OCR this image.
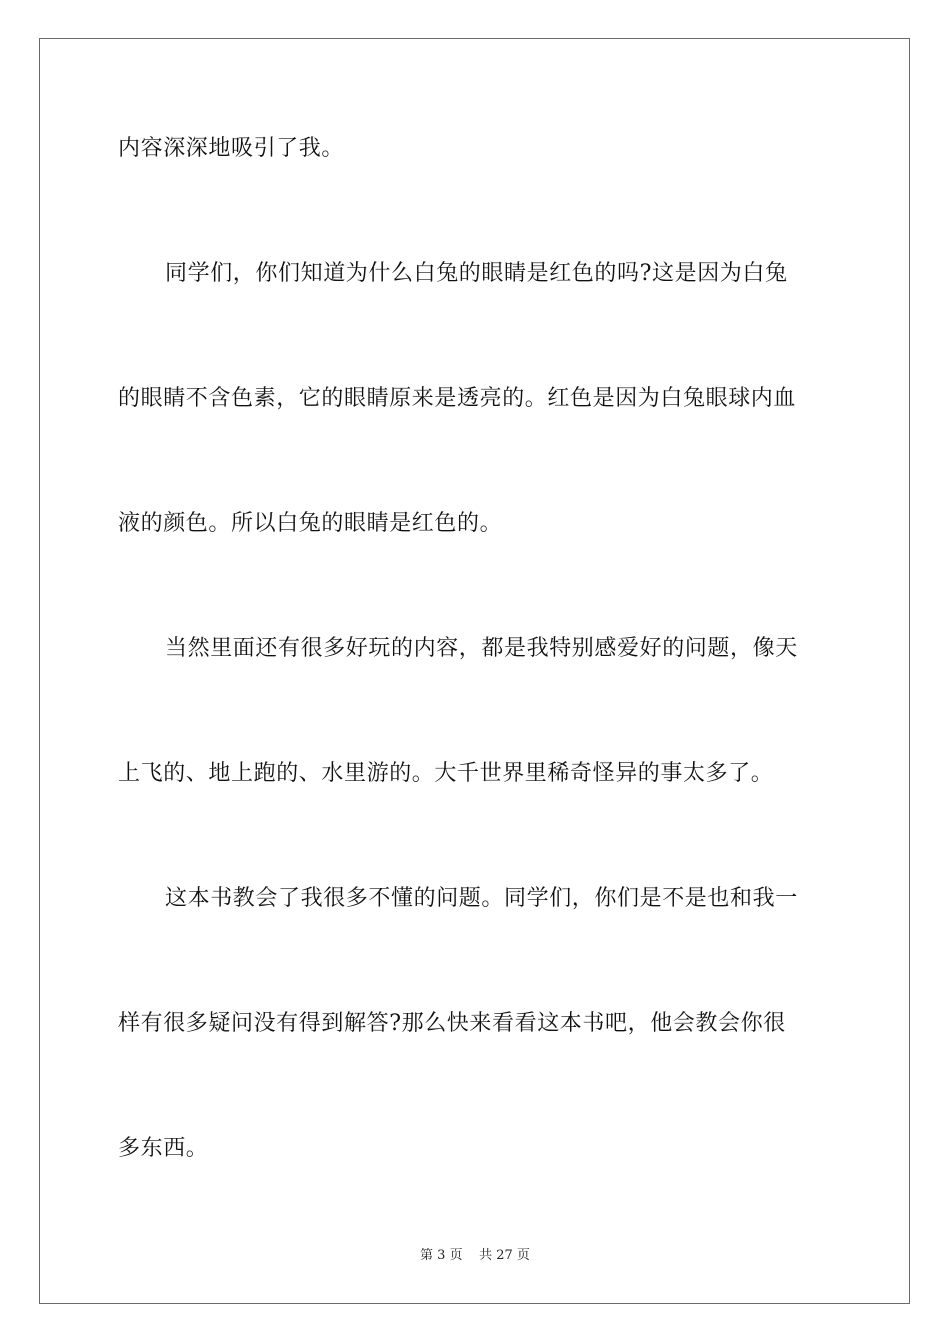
内容深深地吸引了我。
同学们，你们知道为什么白兔的眼睛是红色的吗?这是因为白兔
的眼睛不含色素，它的眼睛原来是透亮的。红色是因为白兔眼球内血
液的颜色。所以白兔的眼睛是红色的。
当然里面还有很多好玩的内容，都是我特别感爱好的问题，像天
上飞的、地上跑的、水里游的。大千世界里稀奇怪异的事太多了。
这本书教会了我很多不懂的问题。同学们，你们是不是也和我一
样有很多疑问没有得到解答?那么快来看看这本书吧，他会教会你很
多东西。
第 3 页 共 27 页
